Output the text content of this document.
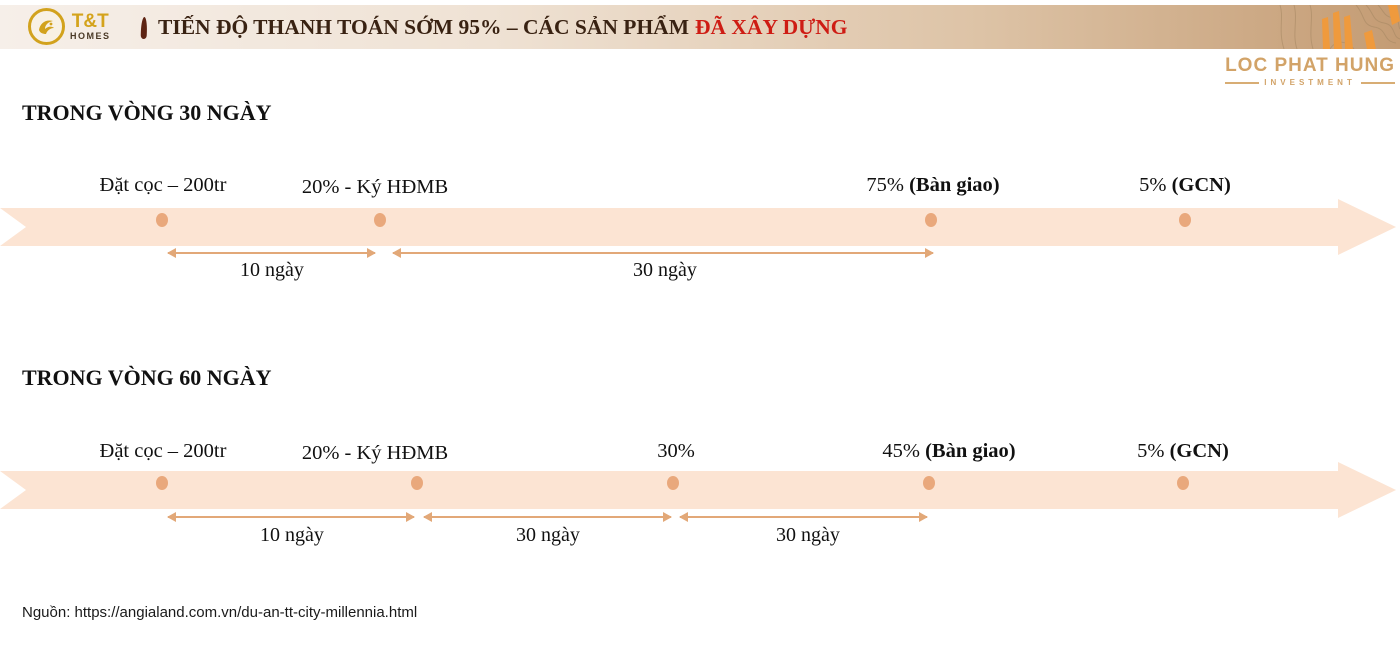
T&T
HOMES TIẾN ĐỘ THANH TOÁN SỚM 95% – CÁC SẢN PHẨM ĐÃ XÂY DỰNG
LOC PHAT HUNG
INVESTMENT
TRONG VÒNG 30 NGÀY
Đặt cọc – 200tr	20% - Ký HĐMB	75% (Bàn giao)	5% (GCN)
10 ngày	30 ngày
TRONG VÒNG 60 NGÀY
Đặt cọc – 200tr	20% - Ký HĐMB	30%	45% (Bàn giao)	5% (GCN)
10 ngày	30 ngày	30 ngày
Nguồn: https://angialand.com.vn/du-an-tt-city-millennia.html
